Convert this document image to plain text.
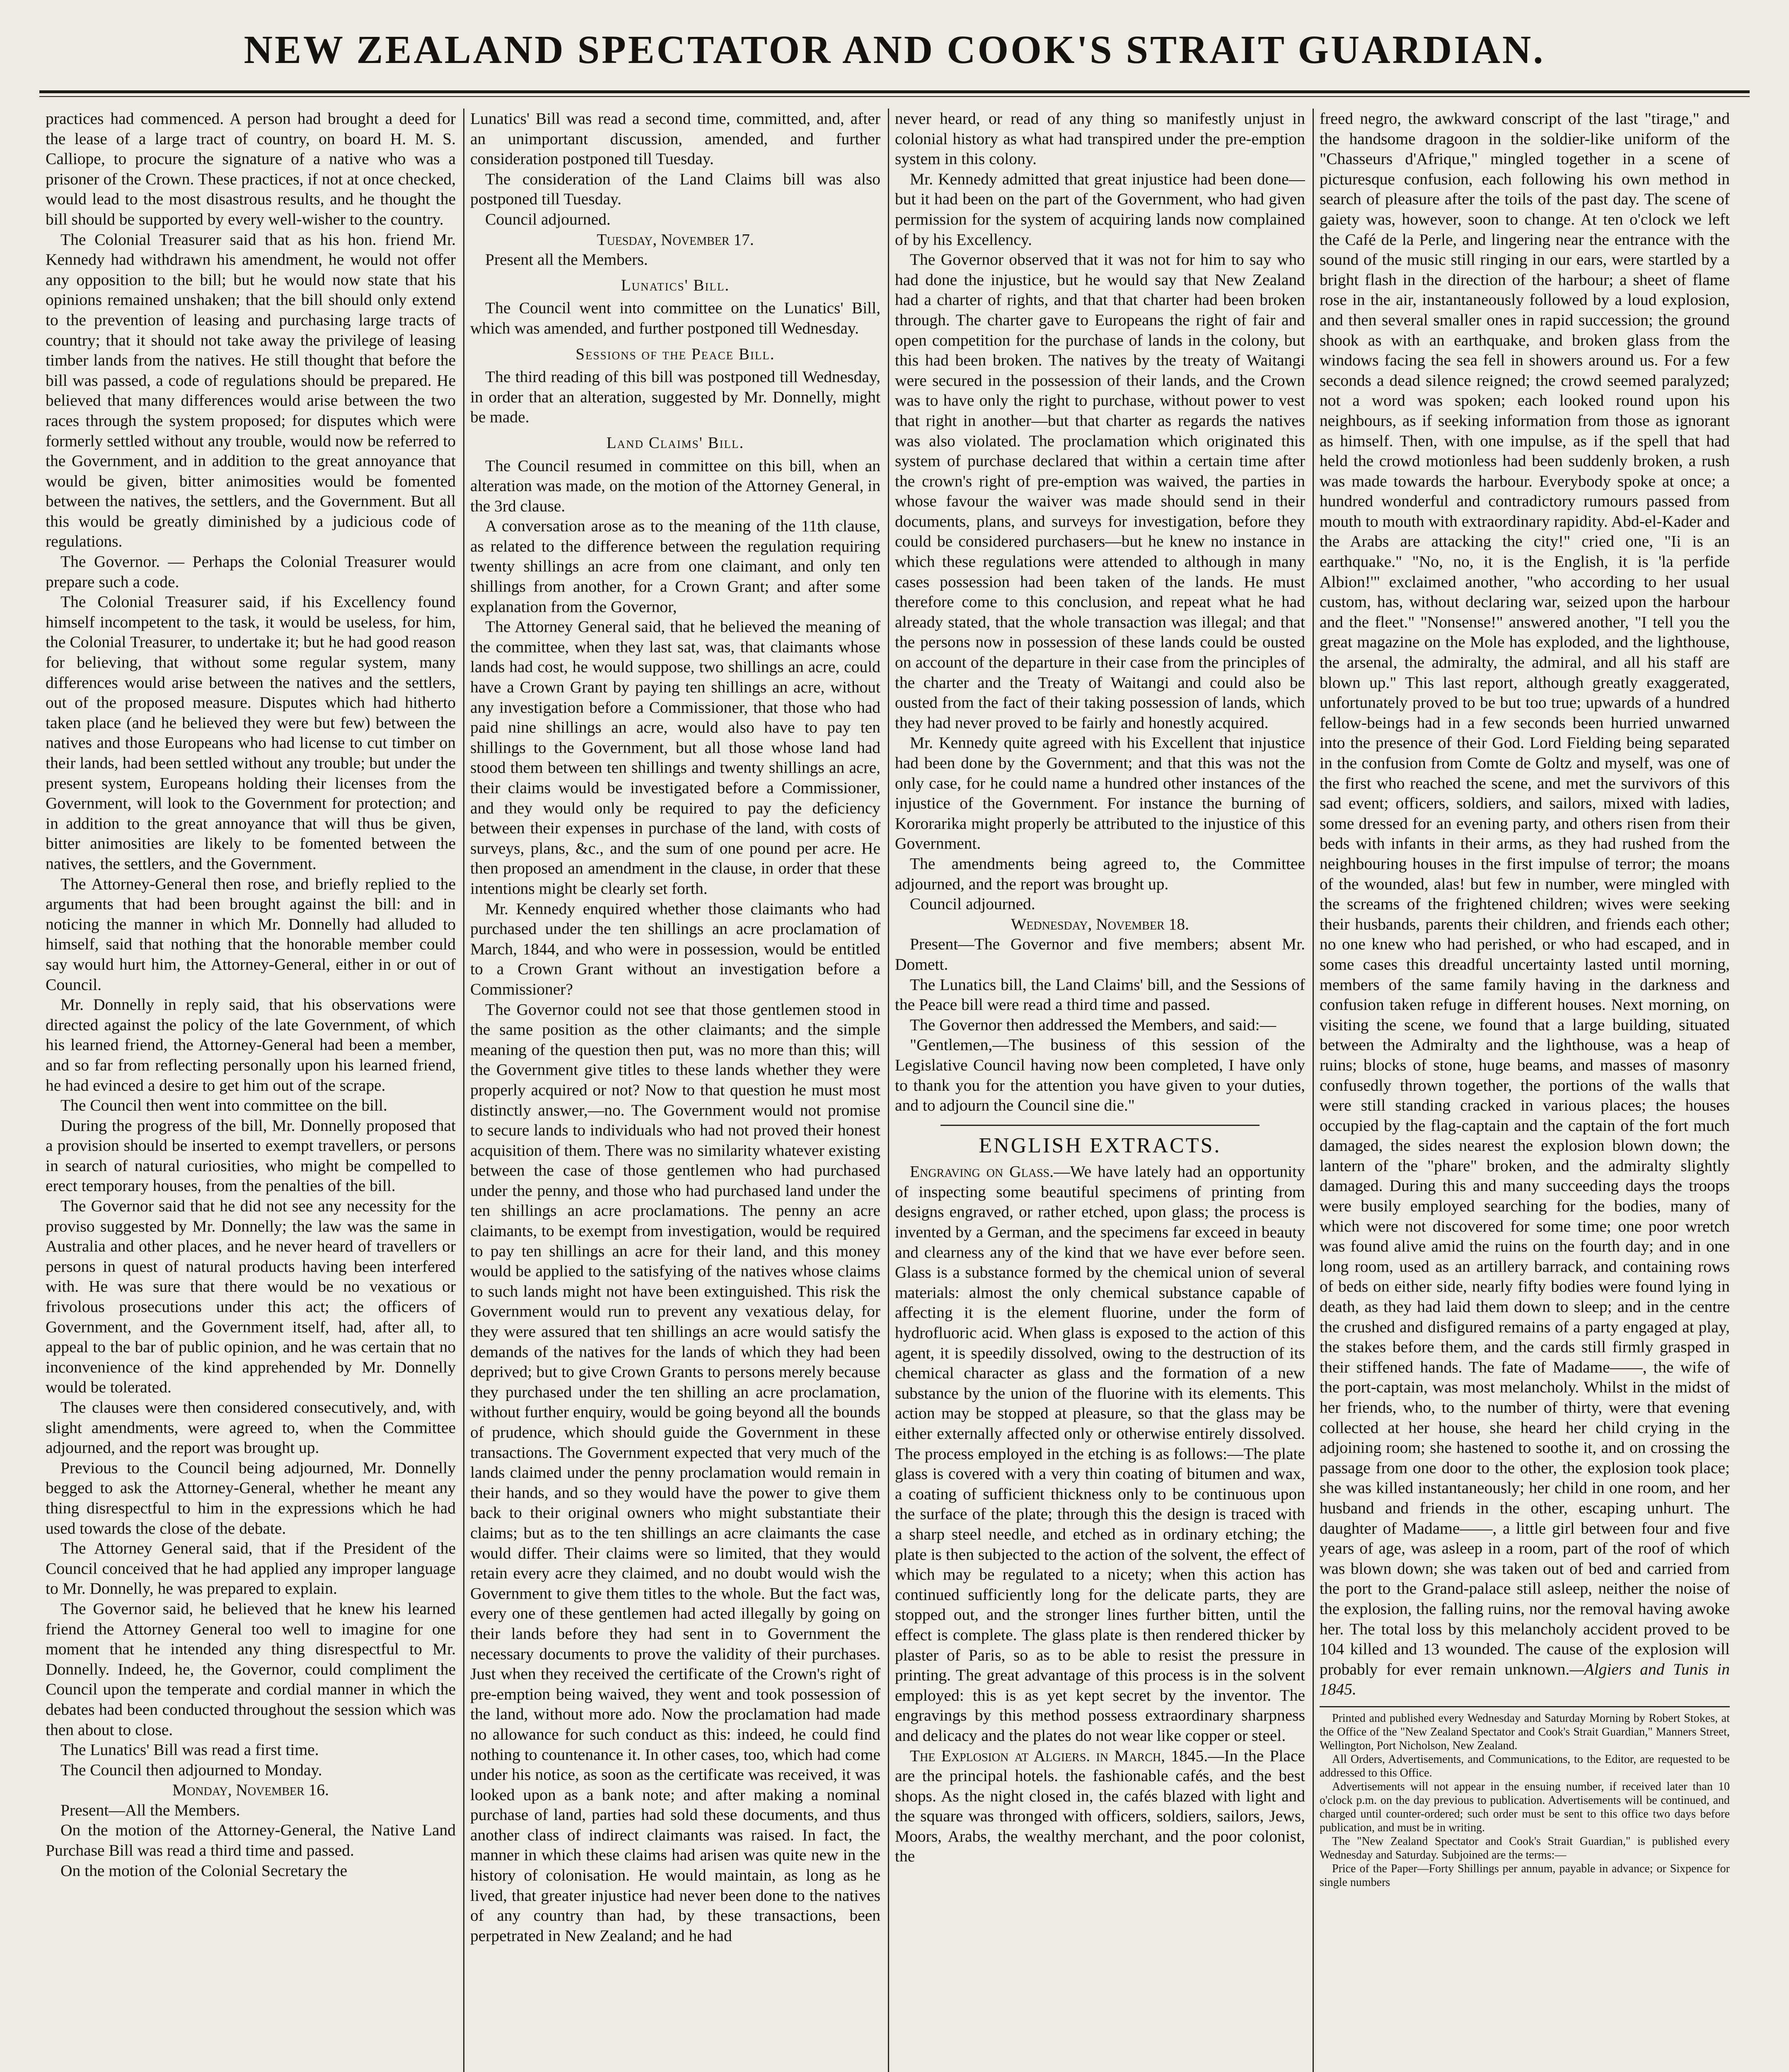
NEW ZEALAND SPECTATOR AND COOK'S STRAIT GUARDIAN.

practices had commenced. A person had brought a deed for the lease of a large tract of country, on board H. M. S. Calliope, to procure the signature of a native who was a prisoner of the Crown. These practices, if not at once checked, would lead to the most disastrous results, and he thought the bill should be supported by every well-wisher to the country.

The Colonial Treasurer said that as his hon. friend Mr. Kennedy had withdrawn his amendment, he would not offer any opposition to the bill; but he would now state that his opinions remained unshaken; that the bill should only extend to the prevention of leasing and purchasing large tracts of country; that it should not take away the privilege of leasing timber lands from the natives. He still thought that before the bill was passed, a code of regulations should be prepared. He believed that many differences would arise between the two races through the system proposed; for disputes which were formerly settled without any trouble, would now be referred to the Government, and in addition to the great annoyance that would be given, bitter animosities would be fomented between the natives, the settlers, and the Government. But all this would be greatly diminished by a judicious code of regulations.

The Governor. — Perhaps the Colonial Treasurer would prepare such a code.

The Colonial Treasurer said, if his Excellency found himself incompetent to the task, it would be useless, for him, the Colonial Treasurer, to undertake it; but he had good reason for believing, that without some regular system, many differences would arise between the natives and the settlers, out of the proposed measure. Disputes which had hitherto taken place (and he believed they were but few) between the natives and those Europeans who had license to cut timber on their lands, had been settled without any trouble; but under the present system, Europeans holding their licenses from the Government, will look to the Government for protection; and in addition to the great annoyance that will thus be given, bitter animosities are likely to be fomented between the natives, the settlers, and the Government.

The Attorney-General then rose, and briefly replied to the arguments that had been brought against the bill: and in noticing the manner in which Mr. Donnelly had alluded to himself, said that nothing that the honorable member could say would hurt him, the Attorney-General, either in or out of Council.

Mr. Donnelly in reply said, that his observations were directed against the policy of the late Government, of which his learned friend, the Attorney-General had been a member, and so far from reflecting personally upon his learned friend, he had evinced a desire to get him out of the scrape.

The Council then went into committee on the bill.

During the progress of the bill, Mr. Donnelly proposed that a provision should be inserted to exempt travellers, or persons in search of natural curiosities, who might be compelled to erect temporary houses, from the penalties of the bill.

The Governor said that he did not see any necessity for the proviso suggested by Mr. Donnelly; the law was the same in Australia and other places, and he never heard of travellers or persons in quest of natural products having been interfered with. He was sure that there would be no vexatious or frivolous prosecutions under this act; the officers of Government, and the Government itself, had, after all, to appeal to the bar of public opinion, and he was certain that no inconvenience of the kind apprehended by Mr. Donnelly would be tolerated.

The clauses were then considered consecutively, and, with slight amendments, were agreed to, when the Committee adjourned, and the report was brought up.

Previous to the Council being adjourned, Mr. Donnelly begged to ask the Attorney-General, whether he meant any thing disrespectful to him in the expressions which he had used towards the close of the debate.

The Attorney General said, that if the President of the Council conceived that he had applied any improper language to Mr. Donnelly, he was prepared to explain.

The Governor said, he believed that he knew his learned friend the Attorney General too well to imagine for one moment that he intended any thing disrespectful to Mr. Donnelly. Indeed, he, the Governor, could compliment the Council upon the temperate and cordial manner in which the debates had been conducted throughout the session which was then about to close.

The Lunatics' Bill was read a first time.

The Council then adjourned to Monday.

Monday, November 16.

Present—All the Members.

On the motion of the Attorney-General, the Native Land Purchase Bill was read a third time and passed.

On the motion of the Colonial Secretary the

Lunatics' Bill was read a second time, committed, and, after an unimportant discussion, amended, and further consideration postponed till Tuesday.

The consideration of the Land Claims bill was also postponed till Tuesday.

Council adjourned.

Tuesday, November 17.

Present all the Members.

Lunatics' Bill.

The Council went into committee on the Lunatics' Bill, which was amended, and further postponed till Wednesday.

Sessions of the Peace Bill.

The third reading of this bill was postponed till Wednesday, in order that an alteration, suggested by Mr. Donnelly, might be made.

Land Claims' Bill.

The Council resumed in committee on this bill, when an alteration was made, on the motion of the Attorney General, in the 3rd clause.

A conversation arose as to the meaning of the 11th clause, as related to the difference between the regulation requiring twenty shillings an acre from one claimant, and only ten shillings from another, for a Crown Grant; and after some explanation from the Governor,

The Attorney General said, that he believed the meaning of the committee, when they last sat, was, that claimants whose lands had cost, he would suppose, two shillings an acre, could have a Crown Grant by paying ten shillings an acre, without any investigation before a Commissioner, that those who had paid nine shillings an acre, would also have to pay ten shillings to the Government, but all those whose land had stood them between ten shillings and twenty shillings an acre, their claims would be investigated before a Commissioner, and they would only be required to pay the deficiency between their expenses in purchase of the land, with costs of surveys, plans, &c., and the sum of one pound per acre. He then proposed an amendment in the clause, in order that these intentions might be clearly set forth.

Mr. Kennedy enquired whether those claimants who had purchased under the ten shillings an acre proclamation of March, 1844, and who were in possession, would be entitled to a Crown Grant without an investigation before a Commissioner?

The Governor could not see that those gentlemen stood in the same position as the other claimants; and the simple meaning of the question then put, was no more than this; will the Government give titles to these lands whether they were properly acquired or not? Now to that question he must most distinctly answer,—no. The Government would not promise to secure lands to individuals who had not proved their honest acquisition of them. There was no similarity whatever existing between the case of those gentlemen who had purchased under the penny, and those who had purchased land under the ten shillings an acre proclamations. The penny an acre claimants, to be exempt from investigation, would be required to pay ten shillings an acre for their land, and this money would be applied to the satisfying of the natives whose claims to such lands might not have been extinguished. This risk the Government would run to prevent any vexatious delay, for they were assured that ten shillings an acre would satisfy the demands of the natives for the lands of which they had been deprived; but to give Crown Grants to persons merely because they purchased under the ten shilling an acre proclamation, without further enquiry, would be going beyond all the bounds of prudence, which should guide the Government in these transactions. The Government expected that very much of the lands claimed under the penny proclamation would remain in their hands, and so they would have the power to give them back to their original owners who might substantiate their claims; but as to the ten shillings an acre claimants the case would differ. Their claims were so limited, that they would retain every acre they claimed, and no doubt would wish the Government to give them titles to the whole. But the fact was, every one of these gentlemen had acted illegally by going on their lands before they had sent in to Government the necessary documents to prove the validity of their purchases. Just when they received the certificate of the Crown's right of pre-emption being waived, they went and took possession of the land, without more ado. Now the proclamation had made no allowance for such conduct as this: indeed, he could find nothing to countenance it. In other cases, too, which had come under his notice, as soon as the certificate was received, it was looked upon as a bank note; and after making a nominal purchase of land, parties had sold these documents, and thus another class of indirect claimants was raised. In fact, the manner in which these claims had arisen was quite new in the history of colonisation. He would maintain, as long as he lived, that greater injustice had never been done to the natives of any country than had, by these transactions, been perpetrated in New Zealand; and he had

never heard, or read of any thing so manifestly unjust in colonial history as what had transpired under the pre-emption system in this colony.

Mr. Kennedy admitted that great injustice had been done—but it had been on the part of the Government, who had given permission for the system of acquiring lands now complained of by his Excellency.

The Governor observed that it was not for him to say who had done the injustice, but he would say that New Zealand had a charter of rights, and that that charter had been broken through. The charter gave to Europeans the right of fair and open competition for the purchase of lands in the colony, but this had been broken. The natives by the treaty of Waitangi were secured in the possession of their lands, and the Crown was to have only the right to purchase, without power to vest that right in another—but that charter as regards the natives was also violated. The proclamation which originated this system of purchase declared that within a certain time after the crown's right of pre-emption was waived, the parties in whose favour the waiver was made should send in their documents, plans, and surveys for investigation, before they could be considered purchasers—but he knew no instance in which these regulations were attended to although in many cases possession had been taken of the lands. He must therefore come to this conclusion, and repeat what he had already stated, that the whole transaction was illegal; and that the persons now in possession of these lands could be ousted on account of the departure in their case from the principles of the charter and the Treaty of Waitangi and could also be ousted from the fact of their taking possession of lands, which they had never proved to be fairly and honestly acquired.

Mr. Kennedy quite agreed with his Excellent that injustice had been done by the Government; and that this was not the only case, for he could name a hundred other instances of the injustice of the Government. For instance the burning of Kororarika might properly be attributed to the injustice of this Government.

The amendments being agreed to, the Committee adjourned, and the report was brought up.

Council adjourned.

Wednesday, November 18.

Present—The Governor and five members; absent Mr. Domett.

The Lunatics bill, the Land Claims' bill, and the Sessions of the Peace bill were read a third time and passed.

The Governor then addressed the Members, and said:—

"Gentlemen,—The business of this session of the Legislative Council having now been completed, I have only to thank you for the attention you have given to your duties, and to adjourn the Council sine die."

ENGLISH EXTRACTS.

Engraving on Glass.—We have lately had an opportunity of inspecting some beautiful specimens of printing from designs engraved, or rather etched, upon glass; the process is invented by a German, and the specimens far exceed in beauty and clearness any of the kind that we have ever before seen. Glass is a substance formed by the chemical union of several materials: almost the only chemical substance capable of affecting it is the element fluorine, under the form of hydrofluoric acid. When glass is exposed to the action of this agent, it is speedily dissolved, owing to the destruction of its chemical character as glass and the formation of a new substance by the union of the fluorine with its elements. This action may be stopped at pleasure, so that the glass may be either externally affected only or otherwise entirely dissolved. The process employed in the etching is as follows:—The plate glass is covered with a very thin coating of bitumen and wax, a coating of sufficient thickness only to be continuous upon the surface of the plate; through this the design is traced with a sharp steel needle, and etched as in ordinary etching; the plate is then subjected to the action of the solvent, the effect of which may be regulated to a nicety; when this action has continued sufficiently long for the delicate parts, they are stopped out, and the stronger lines further bitten, until the effect is complete. The glass plate is then rendered thicker by plaster of Paris, so as to be able to resist the pressure in printing. The great advantage of this process is in the solvent employed: this is as yet kept secret by the inventor. The engravings by this method possess extraordinary sharpness and delicacy and the plates do not wear like copper or steel.

The Explosion at Algiers. in March, 1845.—In the Place are the principal hotels. the fashionable cafés, and the best shops. As the night closed in, the cafés blazed with light and the square was thronged with officers, soldiers, sailors, Jews, Moors, Arabs, the wealthy merchant, and the poor colonist, the

freed negro, the awkward conscript of the last "tirage," and the handsome dragoon in the soldier-like uniform of the "Chasseurs d'Afrique," mingled together in a scene of picturesque confusion, each following his own method in search of pleasure after the toils of the past day. The scene of gaiety was, however, soon to change. At ten o'clock we left the Café de la Perle, and lingering near the entrance with the sound of the music still ringing in our ears, were startled by a bright flash in the direction of the harbour; a sheet of flame rose in the air, instantaneously followed by a loud explosion, and then several smaller ones in rapid succession; the ground shook as with an earthquake, and broken glass from the windows facing the sea fell in showers around us. For a few seconds a dead silence reigned; the crowd seemed paralyzed; not a word was spoken; each looked round upon his neighbours, as if seeking information from those as ignorant as himself. Then, with one impulse, as if the spell that had held the crowd motionless had been suddenly broken, a rush was made towards the harbour. Everybody spoke at once; a hundred wonderful and contradictory rumours passed from mouth to mouth with extraordinary rapidity. Abd-el-Kader and the Arabs are attacking the city!" cried one, "Ii is an earthquake." "No, no, it is the English, it is 'la perfide Albion!'" exclaimed another, "who according to her usual custom, has, without declaring war, seized upon the harbour and the fleet." "Nonsense!" answered another, "I tell you the great magazine on the Mole has exploded, and the lighthouse, the arsenal, the admiralty, the admiral, and all his staff are blown up." This last report, although greatly exaggerated, unfortunately proved to be but too true; upwards of a hundred fellow-beings had in a few seconds been hurried unwarned into the presence of their God. Lord Fielding being separated in the confusion from Comte de Goltz and myself, was one of the first who reached the scene, and met the survivors of this sad event; officers, soldiers, and sailors, mixed with ladies, some dressed for an evening party, and others risen from their beds with infants in their arms, as they had rushed from the neighbouring houses in the first impulse of terror; the moans of the wounded, alas! but few in number, were mingled with the screams of the frightened children; wives were seeking their husbands, parents their children, and friends each other; no one knew who had perished, or who had escaped, and in some cases this dreadful uncertainty lasted until morning, members of the same family having in the darkness and confusion taken refuge in different houses. Next morning, on visiting the scene, we found that a large building, situated between the Admiralty and the lighthouse, was a heap of ruins; blocks of stone, huge beams, and masses of masonry confusedly thrown together, the portions of the walls that were still standing cracked in various places; the houses occupied by the flag-captain and the captain of the fort much damaged, the sides nearest the explosion blown down; the lantern of the "phare" broken, and the admiralty slightly damaged. During this and many succeeding days the troops were busily employed searching for the bodies, many of which were not discovered for some time; one poor wretch was found alive amid the ruins on the fourth day; and in one long room, used as an artillery barrack, and containing rows of beds on either side, nearly fifty bodies were found lying in death, as they had laid them down to sleep; and in the centre the crushed and disfigured remains of a party engaged at play, the stakes before them, and the cards still firmly grasped in their stiffened hands. The fate of Madame——, the wife of the port-captain, was most melancholy. Whilst in the midst of her friends, who, to the number of thirty, were that evening collected at her house, she heard her child crying in the adjoining room; she hastened to soothe it, and on crossing the passage from one door to the other, the explosion took place; she was killed instantaneously; her child in one room, and her husband and friends in the other, escaping unhurt. The daughter of Madame——, a little girl between four and five years of age, was asleep in a room, part of the roof of which was blown down; she was taken out of bed and carried from the port to the Grand-palace still asleep, neither the noise of the explosion, the falling ruins, nor the removal having awoke her. The total loss by this melancholy accident proved to be 104 killed and 13 wounded. The cause of the explosion will probably for ever remain unknown.—Algiers and Tunis in 1845.

Printed and published every Wednesday and Saturday Morning by Robert Stokes, at the Office of the "New Zealand Spectator and Cook's Strait Guardian," Manners Street, Wellington, Port Nicholson, New Zealand.

All Orders, Advertisements, and Communications, to the Editor, are requested to be addressed to this Office.

Advertisements will not appear in the ensuing number, if received later than 10 o'clock p.m. on the day previous to publication. Advertisements will be continued, and charged until counter-ordered; such order must be sent to this office two days before publication, and must be in writing.

The "New Zealand Spectator and Cook's Strait Guardian," is published every Wednesday and Saturday. Subjoined are the terms:—

Price of the Paper—Forty Shillings per annum, payable in advance; or Sixpence for single numbers
